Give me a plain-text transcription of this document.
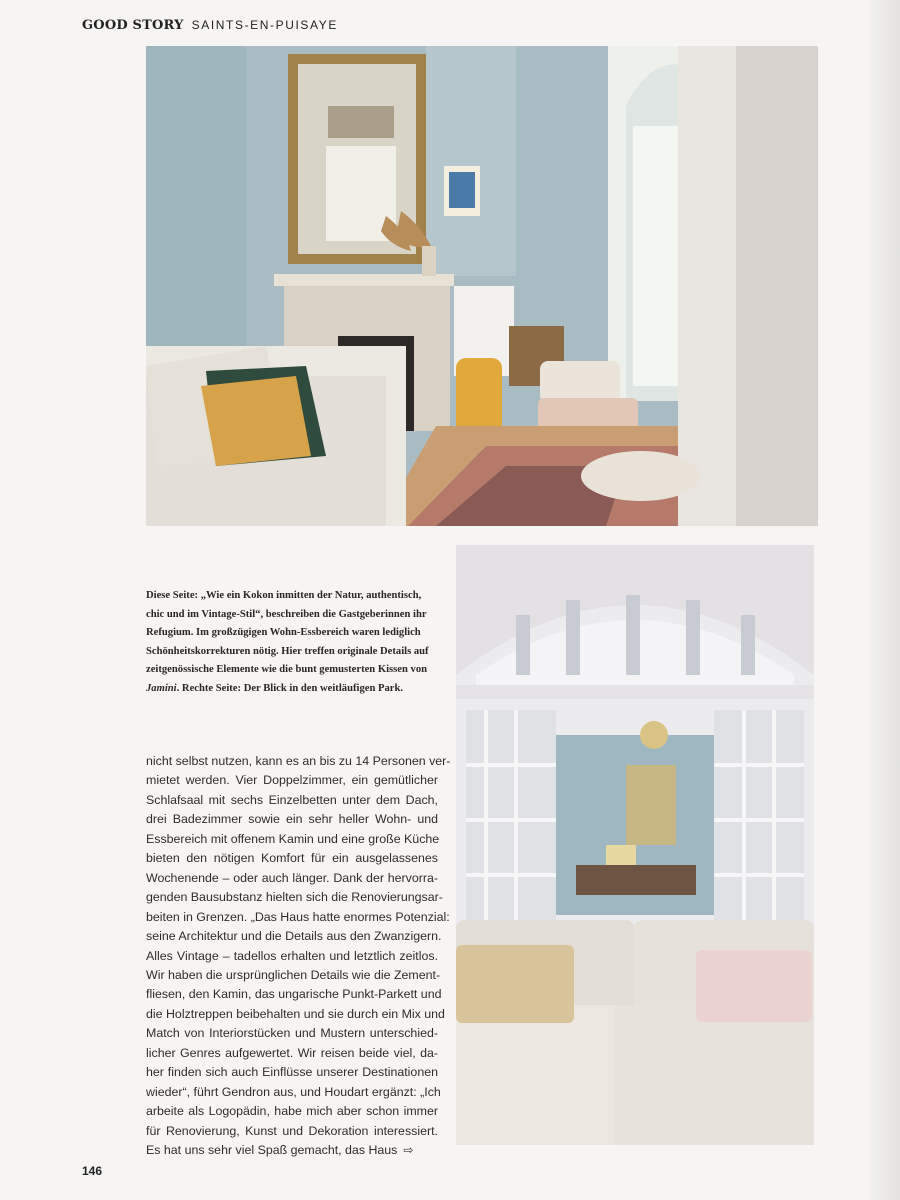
GOOD STORY SAINTS-EN-PUISAYE
Diese Seite: „Wie ein Kokon inmitten der Natur, authentisch, chic und im Vintage-Stil“, beschreiben die Gastgeberinnen ihr Refugium. Im großzügigen Wohn-Essbereich waren lediglich Schönheitskorrekturen nötig. Hier treffen originale Details auf zeitgenössische Elemente wie die bunt gemusterten Kissen von Jamini. Rechte Seite: Der Blick in den weitläufigen Park.
nicht selbst nutzen, kann es an bis zu 14 Personen ver-
mietet werden. Vier Doppelzimmer, ein gemütlicher
Schlafsaal mit sechs Einzelbetten unter dem Dach,
drei Badezimmer sowie ein sehr heller Wohn- und
Essbereich mit offenem Kamin und eine große Küche
bieten den nötigen Komfort für ein ausgelassenes
Wochenende – oder auch länger. Dank der hervorra-
genden Bausubstanz hielten sich die Renovierungsar-
beiten in Grenzen. „Das Haus hatte enormes Potenzial:
seine Architektur und die Details aus den Zwanzigern.
Alles Vintage – tadellos erhalten und letztlich zeitlos.
Wir haben die ursprünglichen Details wie die Zement-
fliesen, den Kamin, das ungarische Punkt-Parkett und
die Holztreppen beibehalten und sie durch ein Mix und
Match von Interiorstücken und Mustern unterschied-
licher Genres aufgewertet. Wir reisen beide viel, da-
her finden sich auch Einflüsse unserer Destinationen
wieder“, führt Gendron aus, und Houdart ergänzt: „Ich
arbeite als Logopädin, habe mich aber schon immer
für Renovierung, Kunst und Dekoration interessiert.
Es hat uns sehr viel Spaß gemacht, das Haus ⇨
146
